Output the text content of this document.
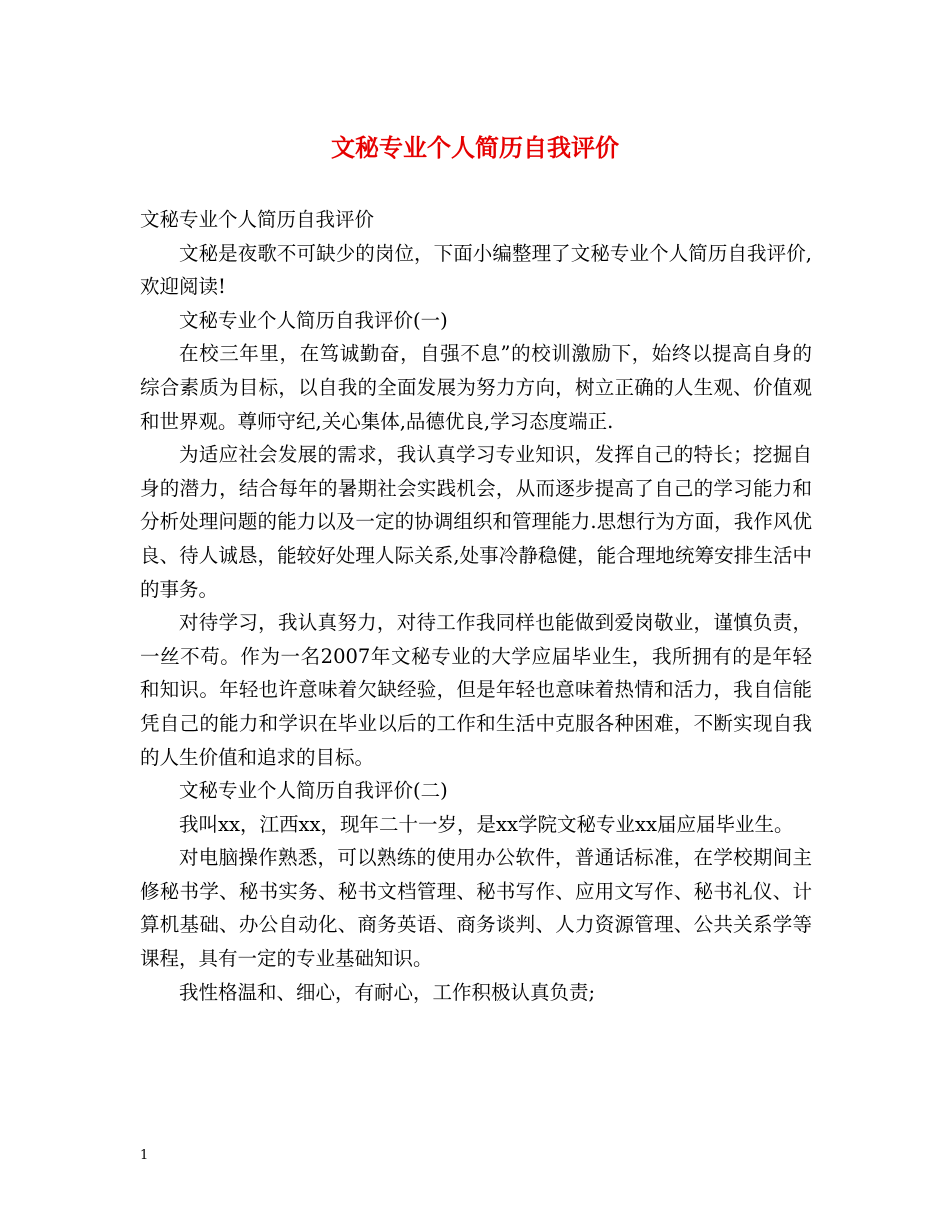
文秘专业个人简历自我评价

文秘专业个人简历自我评价

文秘是夜歌不可缺少的岗位，下面小编整理了文秘专业个人简历自我评价,欢迎阅读!

文秘专业个人简历自我评价(一)

在校三年里，在笃诚勤奋，自强不息”的校训激励下，始终以提高自身的综合素质为目标，以自我的全面发展为努力方向，树立正确的人生观、价值观和世界观。尊师守纪,关心集体,品德优良,学习态度端正.

为适应社会发展的需求，我认真学习专业知识，发挥自己的特长；挖掘自身的潜力，结合每年的暑期社会实践机会，从而逐步提高了自己的学习能力和分析处理问题的能力以及一定的协调组织和管理能力.思想行为方面，我作风优良、待人诚恳，能较好处理人际关系,处事冷静稳健，能合理地统筹安排生活中的事务。

对待学习，我认真努力，对待工作我同样也能做到爱岗敬业，谨慎负责，一丝不苟。作为一名2007年文秘专业的大学应届毕业生，我所拥有的是年轻和知识。年轻也许意味着欠缺经验，但是年轻也意味着热情和活力，我自信能凭自己的能力和学识在毕业以后的工作和生活中克服各种困难，不断实现自我的人生价值和追求的目标。

文秘专业个人简历自我评价(二)

我叫xx，江西xx，现年二十一岁，是xx学院文秘专业xx届应届毕业生。

对电脑操作熟悉，可以熟练的使用办公软件，普通话标准，在学校期间主修秘书学、秘书实务、秘书文档管理、秘书写作、应用文写作、秘书礼仪、计算机基础、办公自动化、商务英语、商务谈判、人力资源管理、公共关系学等课程，具有一定的专业基础知识。

我性格温和、细心，有耐心，工作积极认真负责;

1
